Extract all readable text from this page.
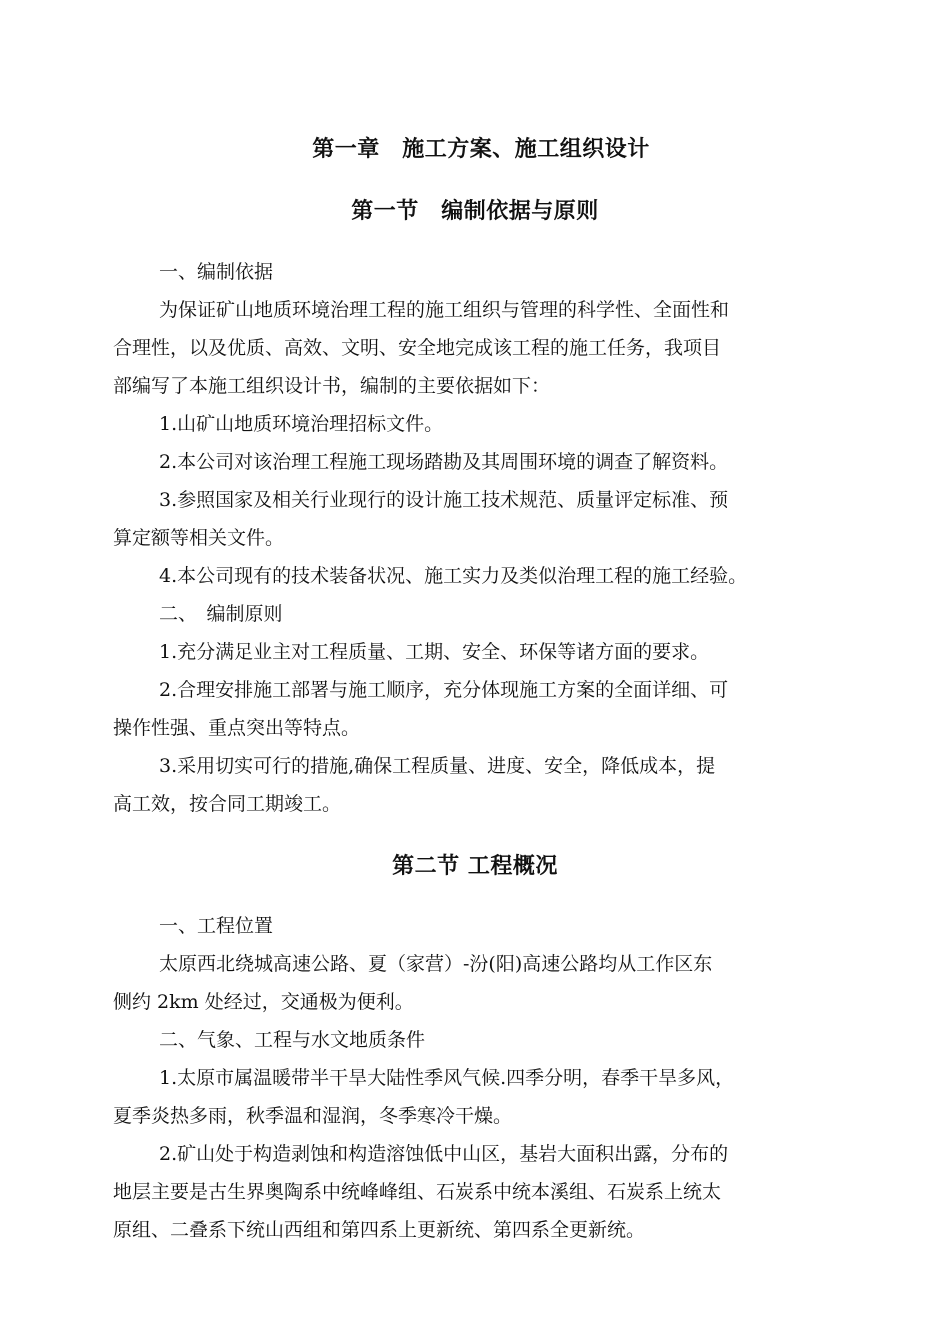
第一章　施工方案、施工组织设计
第一节　编制依据与原则
一、编制依据
为保证矿山地质环境治理工程的施工组织与管理的科学性、全面性和
合理性，以及优质、高效、文明、安全地完成该工程的施工任务，我项目
部编写了本施工组织设计书，编制的主要依据如下：
1.山矿山地质环境治理招标文件。
2.本公司对该治理工程施工现场踏勘及其周围环境的调查了解资料。
3.参照国家及相关行业现行的设计施工技术规范、质量评定标准、预
算定额等相关文件。
4.本公司现有的技术装备状况、施工实力及类似治理工程的施工经验。
二、　编制原则
1.充分满足业主对工程质量、工期、安全、环保等诸方面的要求。
2.合理安排施工部署与施工顺序，充分体现施工方案的全面详细、可
操作性强、重点突出等特点。
3.采用切实可行的措施,确保工程质量、进度、安全，降低成本，提
高工效，按合同工期竣工。
第二节 工程概况
一、工程位置
太原西北绕城高速公路、夏（家营）-汾(阳)高速公路均从工作区东
侧约 2km 处经过，交通极为便利。
二、气象、工程与水文地质条件
1.太原市属温暖带半干旱大陆性季风气候.四季分明，春季干旱多风，
夏季炎热多雨，秋季温和湿润，冬季寒冷干燥。
2.矿山处于构造剥蚀和构造溶蚀低中山区，基岩大面积出露，分布的
地层主要是古生界奥陶系中统峰峰组、石炭系中统本溪组、石炭系上统太
原组、二叠系下统山西组和第四系上更新统、第四系全更新统。
